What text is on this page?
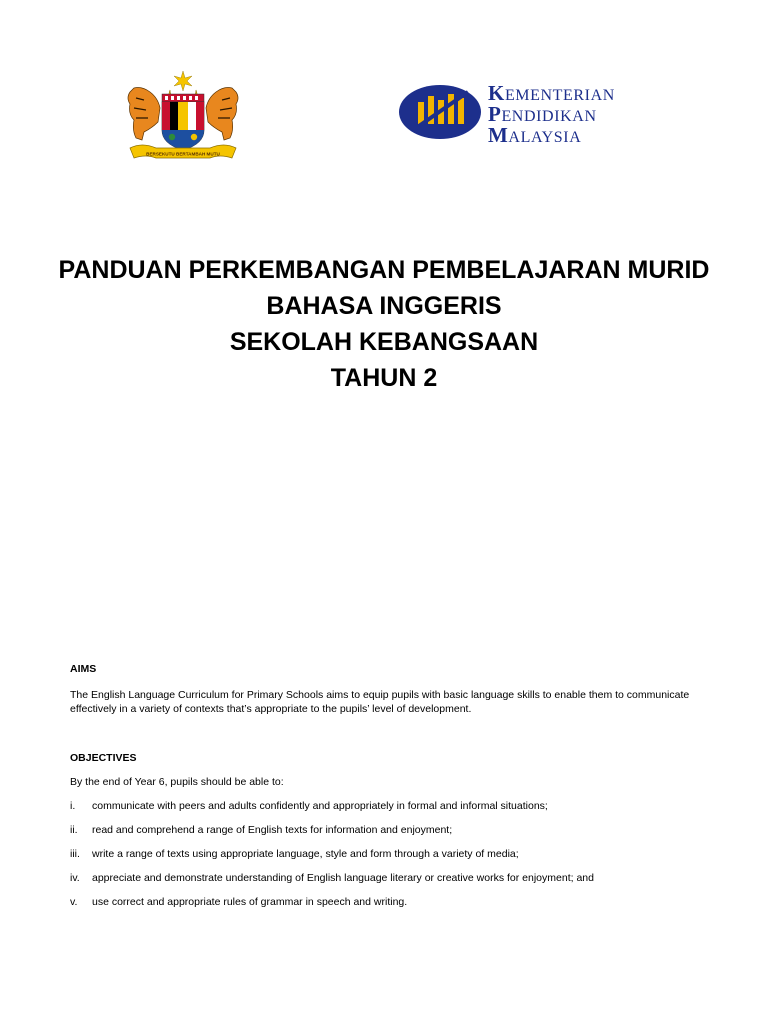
BERSEKUTU BERTAMBAH MUTU
KEMENTERIAN
PENDIDIKAN
MALAYSIA
PANDUAN PERKEMBANGAN PEMBELAJARAN MURID
BAHASA INGGERIS
SEKOLAH KEBANGSAAN
TAHUN 2
AIMS
The English Language Curriculum for Primary Schools aims to equip pupils with basic language skills to enable them to communicate effectively in a variety of contexts that’s appropriate to the pupils’ level of development.
OBJECTIVES
By the end of Year 6, pupils should be able to:
i.	communicate with peers and adults confidently and appropriately in formal and informal situations;
ii.	read and comprehend a range of English texts for information and enjoyment;
iii.	write a range of texts using appropriate language, style and form through a variety of media;
iv.	appreciate and demonstrate understanding of English language literary or creative works for enjoyment; and
v.	use correct and appropriate rules of grammar in speech and writing.
